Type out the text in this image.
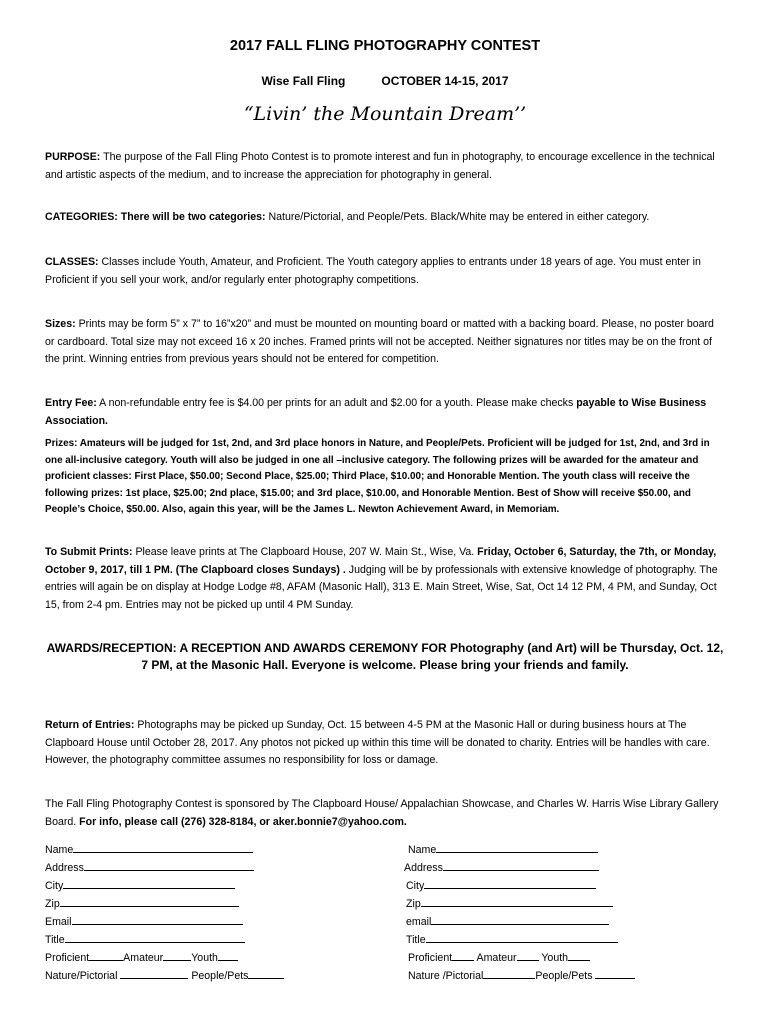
2017 FALL FLING PHOTOGRAPHY CONTEST
Wise Fall Fling	OCTOBER 14-15, 2017
“Livin’ the Mountain Dream’’

PURPOSE: The purpose of the Fall Fling Photo Contest is to promote interest and fun in photography, to encourage excellence in the technical and artistic aspects of the medium, and to increase the appreciation for photography in general.

CATEGORIES: There will be two categories: Nature/Pictorial, and People/Pets. Black/White may be entered in either category.

CLASSES: Classes include Youth, Amateur, and Proficient. The Youth category applies to entrants under 18 years of age. You must enter in Proficient if you sell your work, and/or regularly enter photography competitions.

Sizes: Prints may be form 5” x 7” to 16”x20” and must be mounted on mounting board or matted with a backing board. Please, no poster board or cardboard. Total size may not exceed 16 x 20 inches. Framed prints will not be accepted. Neither signatures nor titles may be on the front of the print. Winning entries from previous years should not be entered for competition.

Entry Fee: A non-refundable entry fee is $4.00 per prints for an adult and $2.00 for a youth. Please make checks payable to Wise Business Association.

Prizes: Amateurs will be judged for 1st, 2nd, and 3rd place honors in Nature, and People/Pets. Proficient will be judged for 1st, 2nd, and 3rd in one all-inclusive category. Youth will also be judged in one all –inclusive category. The following prizes will be awarded for the amateur and proficient classes: First Place, $50.00; Second Place, $25.00; Third Place, $10.00; and Honorable Mention. The youth class will receive the following prizes: 1st place, $25.00; 2nd place, $15.00; and 3rd place, $10.00, and Honorable Mention. Best of Show will receive $50.00, and People’s Choice, $50.00. Also, again this year, will be the James L. Newton Achievement Award, in Memoriam.

To Submit Prints: Please leave prints at The Clapboard House, 207 W. Main St., Wise, Va. Friday, October 6, Saturday, the 7th, or Monday, October 9, 2017, till 1 PM. (The Clapboard closes Sundays) . Judging will be by professionals with extensive knowledge of photography. The entries will again be on display at Hodge Lodge #8, AFAM (Masonic Hall), 313 E. Main Street, Wise, Sat, Oct 14 12 PM, 4 PM, and Sunday, Oct 15, from 2-4 pm. Entries may not be picked up until 4 PM Sunday.

AWARDS/RECEPTION: A RECEPTION AND AWARDS CEREMONY FOR Photography (and Art) will be Thursday, Oct. 12, 7 PM, at the Masonic Hall. Everyone is welcome. Please bring your friends and family.

Return of Entries: Photographs may be picked up Sunday, Oct. 15 between 4-5 PM at the Masonic Hall or during business hours at The Clapboard House until October 28, 2017. Any photos not picked up within this time will be donated to charity. Entries will be handles with care. However, the photography committee assumes no responsibility for loss or damage.

The Fall Fling Photography Contest is sponsored by The Clapboard House/ Appalachian Showcase, and Charles W. Harris Wise Library Gallery Board. For info, please call (276) 328-8184, or aker.bonnie7@yahoo.com.

Name
Address
City
Zip
Email
Title
Proficient	Amateur	Youth
Nature/Pictorial	People/Pets
Name
Address
City
Zip
email
Title
Proficient Amateur Youth
Nature /Pictorial	People/Pets
